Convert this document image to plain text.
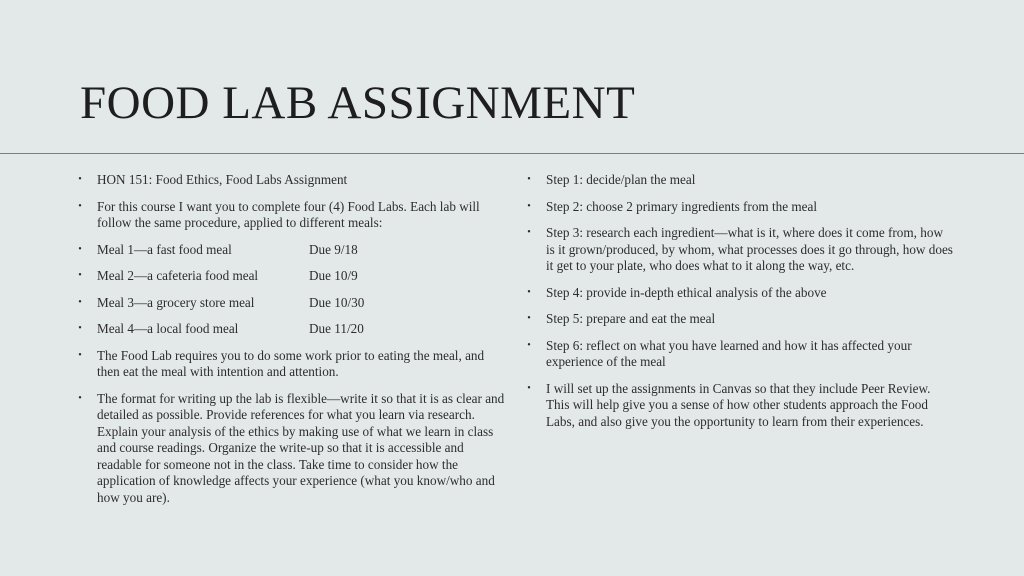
FOOD LAB ASSIGNMENT
• HON 151: Food Ethics, Food Labs Assignment
• For this course I want you to complete four (4) Food Labs. Each lab will follow the same procedure, applied to different meals:
• Meal 1—a fast food meal	Due 9/18
• Meal 2—a cafeteria food meal	Due 10/9
• Meal 3—a grocery store meal	Due 10/30
• Meal 4—a local food meal	Due 11/20
• The Food Lab requires you to do some work prior to eating the meal, and then eat the meal with intention and attention.
• The format for writing up the lab is flexible—write it so that it is as clear and detailed as possible. Provide references for what you learn via research. Explain your analysis of the ethics by making use of what we learn in class and course readings. Organize the write-up so that it is accessible and readable for someone not in the class. Take time to consider how the application of knowledge affects your experience (what you know/who and how you are).
• Step 1: decide/plan the meal
• Step 2: choose 2 primary ingredients from the meal
• Step 3: research each ingredient—what is it, where does it come from, how is it grown/produced, by whom, what processes does it go through, how does it get to your plate, who does what to it along the way, etc.
• Step 4: provide in-depth ethical analysis of the above
• Step 5: prepare and eat the meal
• Step 6: reflect on what you have learned and how it has affected your experience of the meal
• I will set up the assignments in Canvas so that they include Peer Review. This will help give you a sense of how other students approach the Food Labs, and also give you the opportunity to learn from their experiences.
